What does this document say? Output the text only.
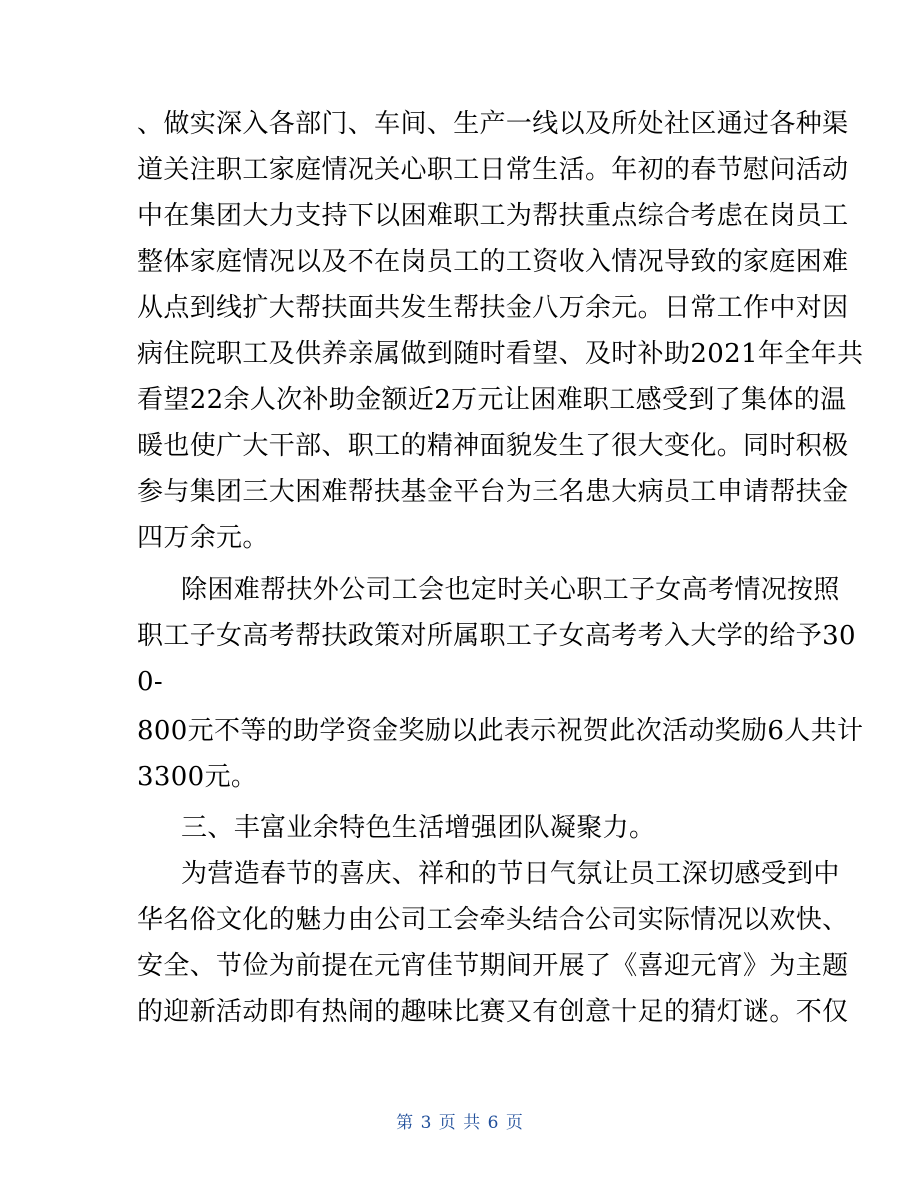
、做实深入各部门、车间、生产一线以及所处社区通过各种渠
道关注职工家庭情况关心职工日常生活。年初的春节慰问活动
中在集团大力支持下以困难职工为帮扶重点综合考虑在岗员工
整体家庭情况以及不在岗员工的工资收入情况导致的家庭困难
从点到线扩大帮扶面共发生帮扶金八万余元。日常工作中对因
病住院职工及供养亲属做到随时看望、及时补助2021年全年共
看望22余人次补助金额近2万元让困难职工感受到了集体的温
暖也使广大干部、职工的精神面貌发生了很大变化。同时积极
参与集团三大困难帮扶基金平台为三名患大病员工申请帮扶金
四万余元。
除困难帮扶外公司工会也定时关心职工子女高考情况按照
职工子女高考帮扶政策对所属职工子女高考考入大学的给予30
0-
800元不等的助学资金奖励以此表示祝贺此次活动奖励6人共计
3300元。
三、丰富业余特色生活增强团队凝聚力。
为营造春节的喜庆、祥和的节日气氛让员工深切感受到中
华名俗文化的魅力由公司工会牵头结合公司实际情况以欢快、
安全、节俭为前提在元宵佳节期间开展了《喜迎元宵》为主题
的迎新活动即有热闹的趣味比赛又有创意十足的猜灯谜。不仅
第 3 页 共 6 页
